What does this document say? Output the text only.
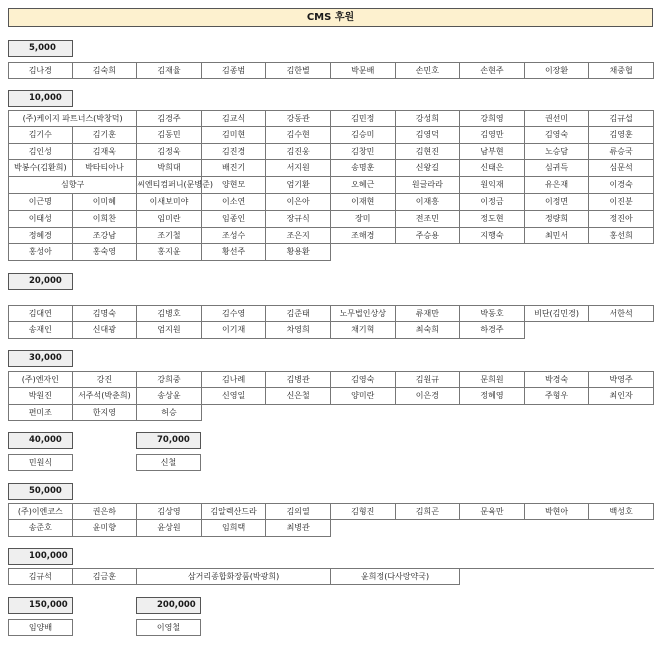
CMS 후원
5,000
김나경	김숙희	김재율	김종범	김한별	박문배	손민호	손현주	이장환	채중협
10,000
(주)케이지 파트너스(박창덕)	김경주	김교식	강동관	김민정	강성희	강희영	권선미	김규섭
김기수	김기훈	김동민	김미현	김수현	김승미	김영덕	김영만	김영숙	김영훈
김인성	김재욱	김정욱	김진경	김진웅	김창민	김현진	남부현	노승담	류승국
박봉수(김환희)	박타티아나	박희대	배진기	서지원	송명훈	신왕길	신태은	심귀득	심문석
심향구	씨엔티컴퍼니(문병준)	양현모	엄기환	오혜근	원글라라	원익재	유은재	이경숙
이근명	이미혜	이새보미야	이소연	이은아	이재현	이재흥	이정금	이정면	이진분
이태성	이희찬	임미란	임종인	장규식	장미	전조민	정도현	정량희	정진아
정혜경	조강남	조기철	조성수	조은지	조해경	주승용	지행숙	최민서	홍선희
홍성아	홍숙영	홍지윤	황선주	황용환
20,000
김대연	김명숙	김병호	김수영	김준태	노무법인상상	류재만	박동호	비단(김민경)	서한석
송재인	신대광	엄지원	이기재	차영희	채기혁	최숙희	하경주
30,000
(주)엔자인	강진	강희중	김나례	김병관	김영숙	김원규	문희원	박경숙	박영주
박원진	서주석(박춘희)	송상윤	신영일	신은철	양미란	이은경	정혜영	주형우	최인자
편미조	한지영	허승
40,000
민원식
70,000
신철
50,000
(주)이엔코스	권은하	김상영	김알렉산드라	김의열	김형진	김희곤	문육만	박현아	백성호
송준호	윤미향	윤상원	임희택	최병관
100,000
김규석	김금훈	삼거리종합화장품(박광희)	윤희정(다사랑약국)
150,000
임양배
200,000
이영철
